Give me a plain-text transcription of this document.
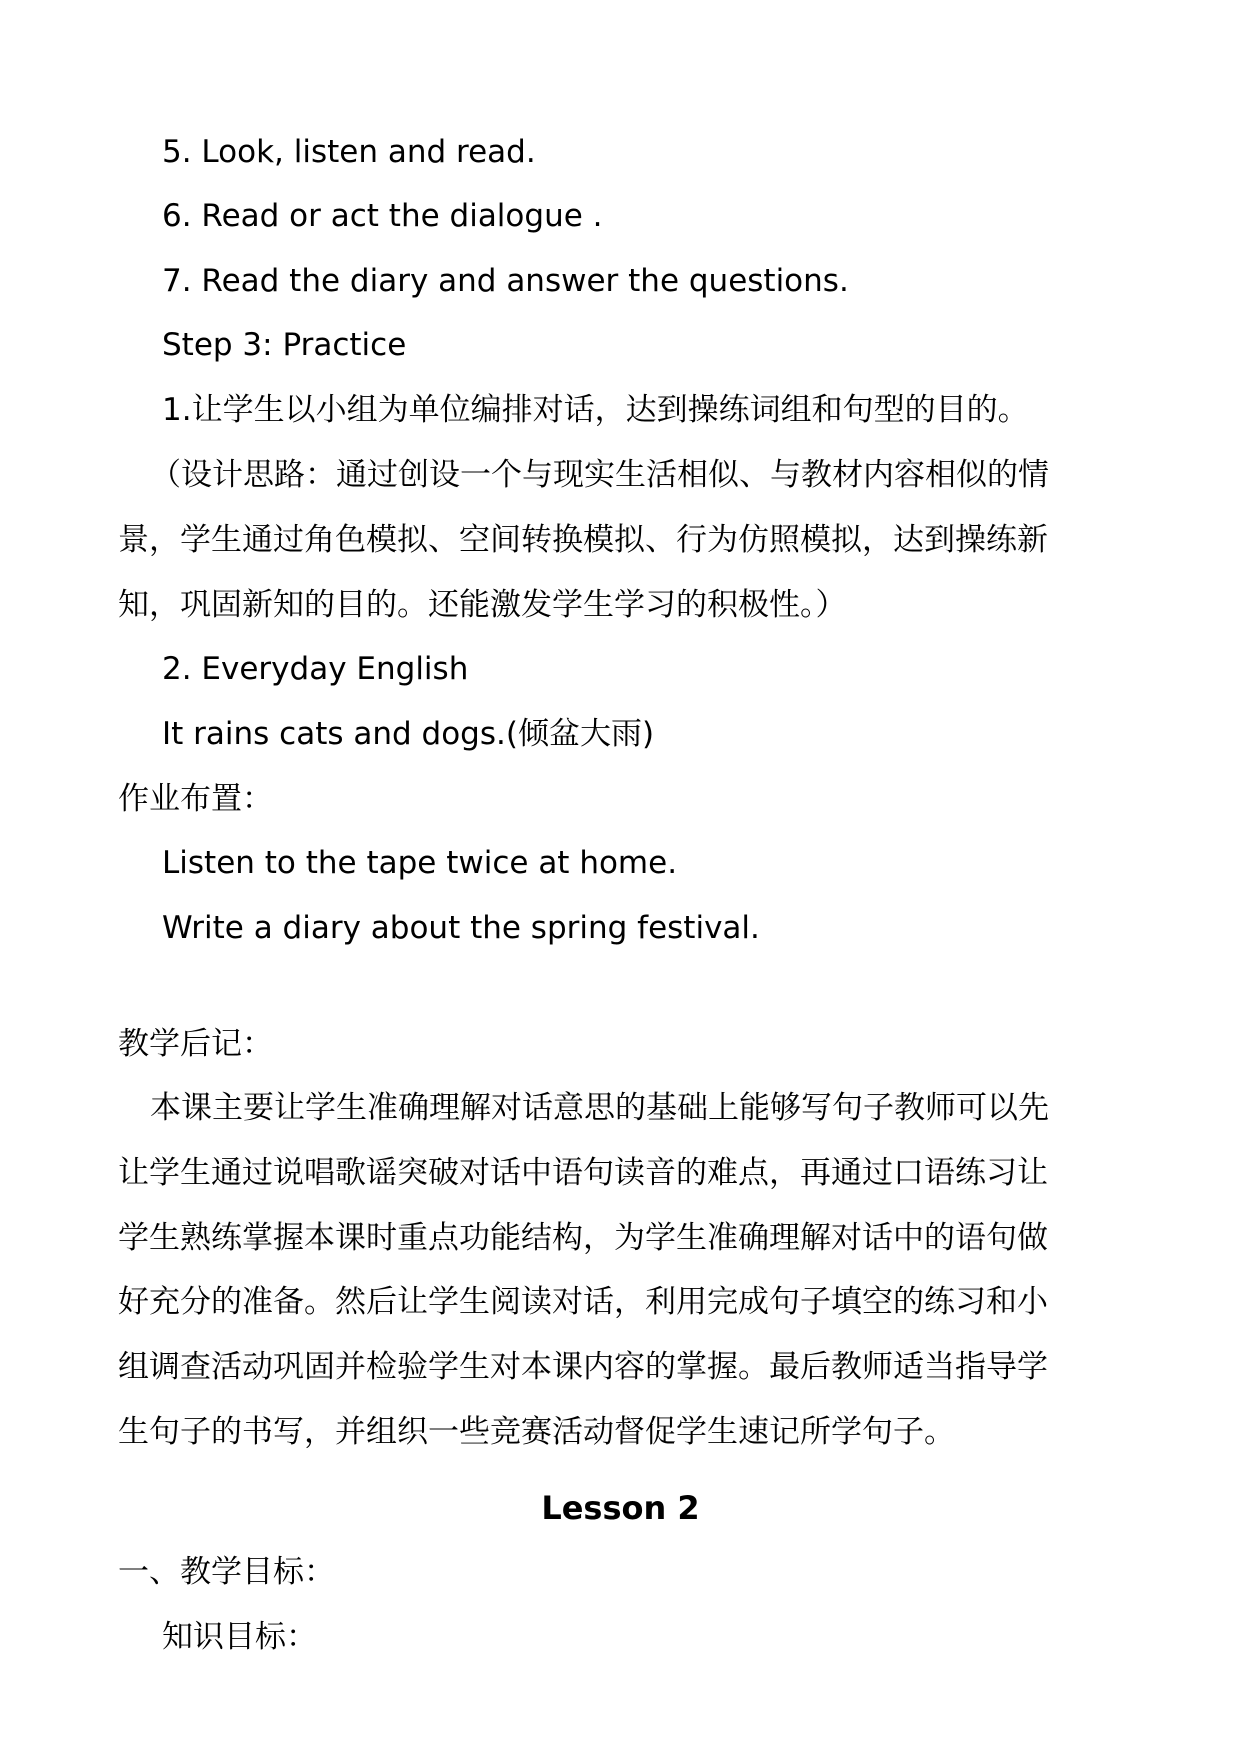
5. Look, listen and read.
6. Read or act the dialogue .
7. Read the diary and answer the questions.
Step 3: Practice
1.让学生以小组为单位编排对话，达到操练词组和句型的目的。
（设计思路：通过创设一个与现实生活相似、与教材内容相似的情
景，学生通过角色模拟、空间转换模拟、行为仿照模拟，达到操练新
知，巩固新知的目的。还能激发学生学习的积极性。）
2. Everyday English
It rains cats and dogs.(倾盆大雨)
作业布置：
Listen to the tape twice at home.
Write a diary about the spring festival.
教学后记：
本课主要让学生准确理解对话意思的基础上能够写句子教师可以先
让学生通过说唱歌谣突破对话中语句读音的难点，再通过口语练习让
学生熟练掌握本课时重点功能结构，为学生准确理解对话中的语句做
好充分的准备。然后让学生阅读对话，利用完成句子填空的练习和小
组调查活动巩固并检验学生对本课内容的掌握。最后教师适当指导学
生句子的书写，并组织一些竞赛活动督促学生速记所学句子。
Lesson 2
一、教学目标：
知识目标：
